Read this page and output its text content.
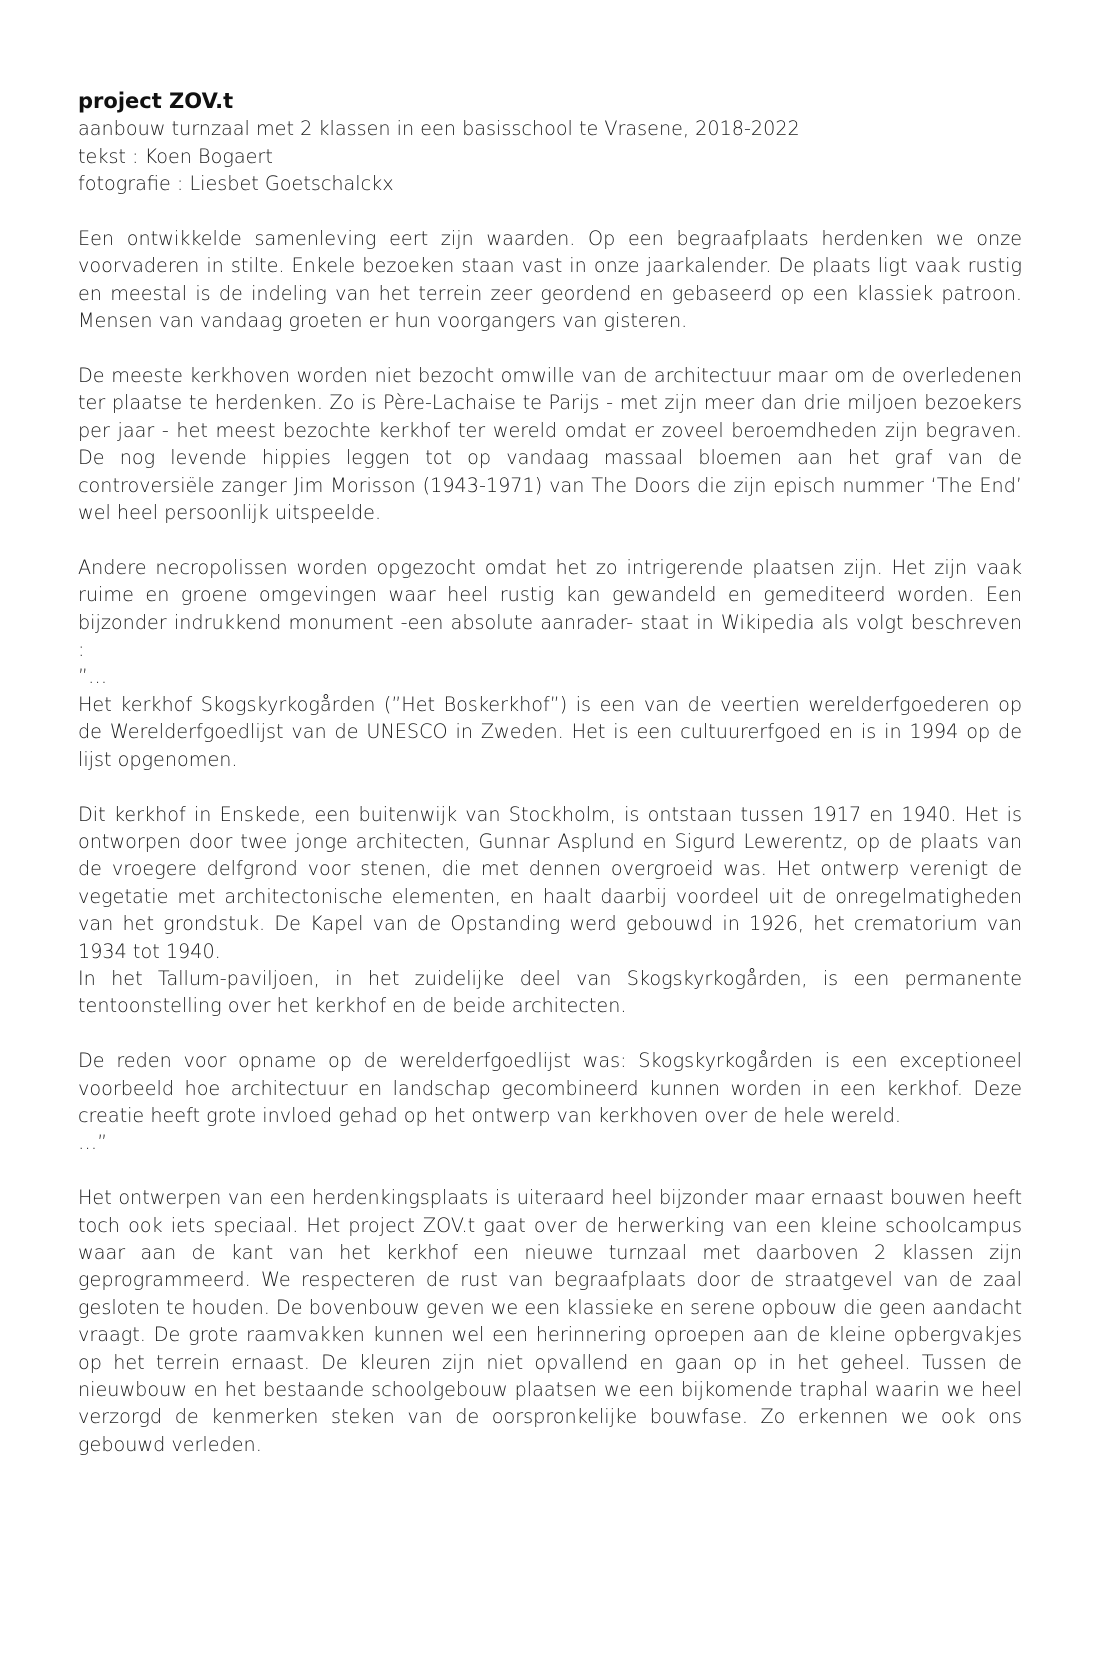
project ZOV.t

aanbouw turnzaal met 2 klassen in een basisschool te Vrasene, 2018-2022

tekst : Koen Bogaert

fotografie : Liesbet Goetschalckx

Een ontwikkelde samenleving eert zijn waarden. Op een begraafplaats herdenken we onze voorvaderen in stilte. Enkele bezoeken staan vast in onze jaarkalender. De plaats ligt vaak rustig en meestal is de indeling van het terrein zeer geordend en gebaseerd op een klassiek patroon. Mensen van vandaag groeten er hun voorgangers van gisteren.

De meeste kerkhoven worden niet bezocht omwille van de architectuur maar om de overledenen ter plaatse te herdenken. Zo is Père-Lachaise te Parijs - met zijn meer dan drie miljoen bezoekers per jaar - het meest bezochte kerkhof ter wereld omdat er zoveel beroemdheden zijn begraven. De nog levende hippies leggen tot op vandaag massaal bloemen aan het graf van de controversiële zanger Jim Morisson (1943-1971) van The Doors die zijn episch nummer ‘The End’ wel heel persoonlijk uitspeelde.

Andere necropolissen worden opgezocht omdat het zo intrigerende plaatsen zijn. Het zijn vaak ruime en groene omgevingen waar heel rustig kan gewandeld en gemediteerd worden. Een bijzonder indrukkend monument -een absolute aanrader- staat in Wikipedia als volgt beschreven :

”…

Het kerkhof Skogskyrkogården (”Het Boskerkhof”) is een van de veertien werelderfgoederen op de Werelderfgoedlijst van de UNESCO in Zweden. Het is een cultuurerfgoed en is in 1994 op de lijst opgenomen.

Dit kerkhof in Enskede, een buitenwijk van Stockholm, is ontstaan tussen 1917 en 1940. Het is ontworpen door twee jonge architecten, Gunnar Asplund en Sigurd Lewerentz, op de plaats van de vroegere delfgrond voor stenen, die met dennen overgroeid was. Het ontwerp verenigt de vegetatie met architectonische elementen, en haalt daarbij voordeel uit de onregelmatigheden van het grondstuk. De Kapel van de Opstanding werd gebouwd in 1926, het crematorium van 1934 tot 1940.

In het Tallum-paviljoen, in het zuidelijke deel van Skogskyrkogården, is een permanente tentoonstelling over het kerkhof en de beide architecten.

De reden voor opname op de werelderfgoedlijst was: Skogskyrkogården is een exceptioneel voorbeeld hoe architectuur en landschap gecombineerd kunnen worden in een kerkhof. Deze creatie heeft grote invloed gehad op het ontwerp van kerkhoven over de hele wereld.

…”

Het ontwerpen van een herdenkingsplaats is uiteraard heel bijzonder maar ernaast bouwen heeft toch ook iets speciaal. Het project ZOV.t gaat over de herwerking van een kleine schoolcampus waar aan de kant van het kerkhof een nieuwe turnzaal met daarboven 2 klassen zijn geprogrammeerd. We respecteren de rust van begraafplaats door de straatgevel van de zaal gesloten te houden. De bovenbouw geven we een klassieke en serene opbouw die geen aandacht vraagt. De grote raamvakken kunnen wel een herinnering oproepen aan de kleine opbergvakjes op het terrein ernaast. De kleuren zijn niet opvallend en gaan op in het geheel. Tussen de nieuwbouw en het bestaande schoolgebouw plaatsen we een bijkomende traphal waarin we heel verzorgd de kenmerken steken van de oorspronkelijke bouwfase. Zo erkennen we ook ons gebouwd verleden.
